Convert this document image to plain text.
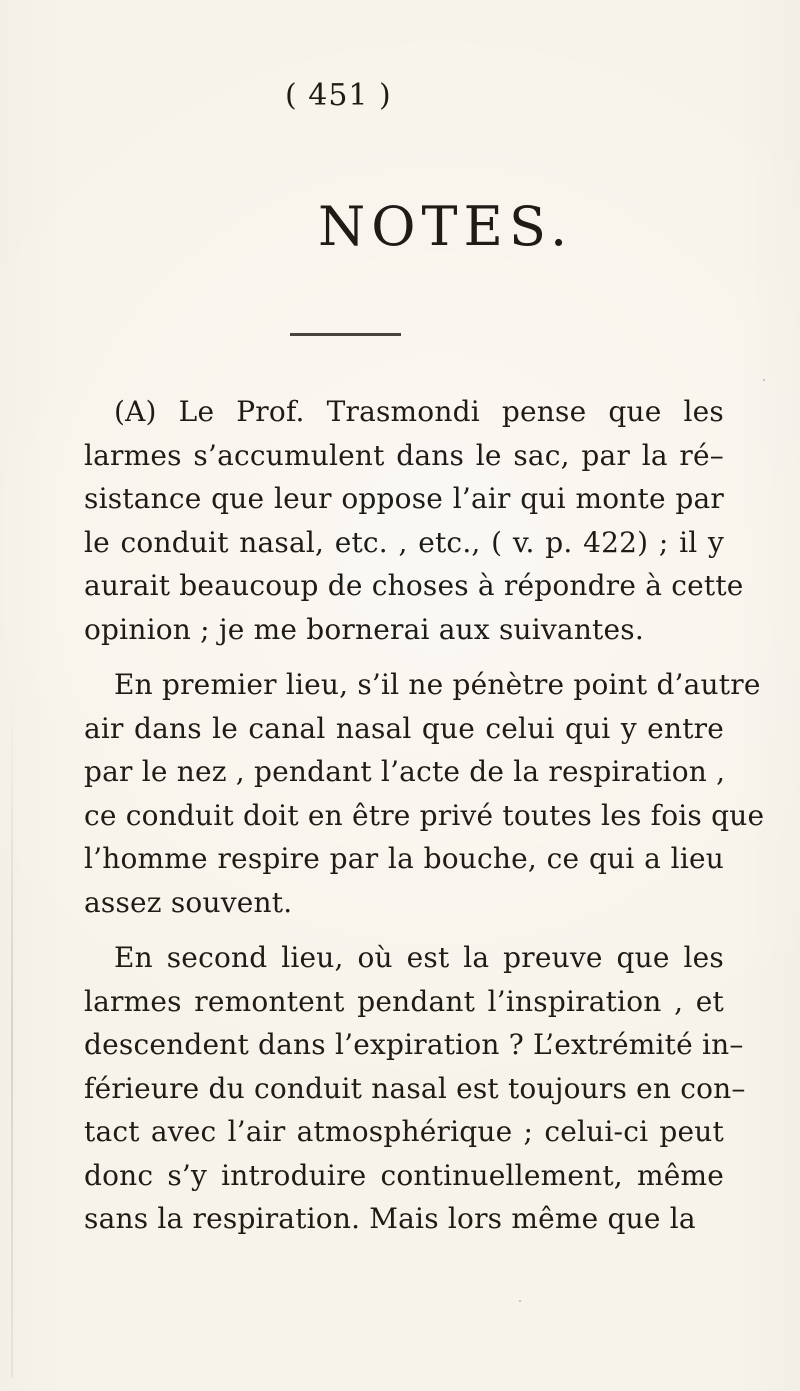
( 451 )
NOTES.
(A) Le Prof. Trasmondi pense que les
larmes s’accumulent dans le sac, par la ré–
sistance que leur oppose l’air qui monte par
le conduit nasal, etc. , etc., ( v. p. 422) ; il y
aurait beaucoup de choses à répondre à cette
opinion ; je me bornerai aux suivantes.
En premier lieu, s’il ne pénètre point d’autre
air dans le canal nasal que celui qui y entre
par le nez , pendant l’acte de la respiration ,
ce conduit doit en être privé toutes les fois que
l’homme respire par la bouche, ce qui a lieu
assez souvent.
En second lieu, où est la preuve que les
larmes remontent pendant l’inspiration , et
descendent dans l’expiration ? L’extrémité in–
férieure du conduit nasal est toujours en con–
tact avec l’air atmosphérique ; celui-ci peut
donc s’y introduire continuellement, même
sans la respiration. Mais lors même que la
